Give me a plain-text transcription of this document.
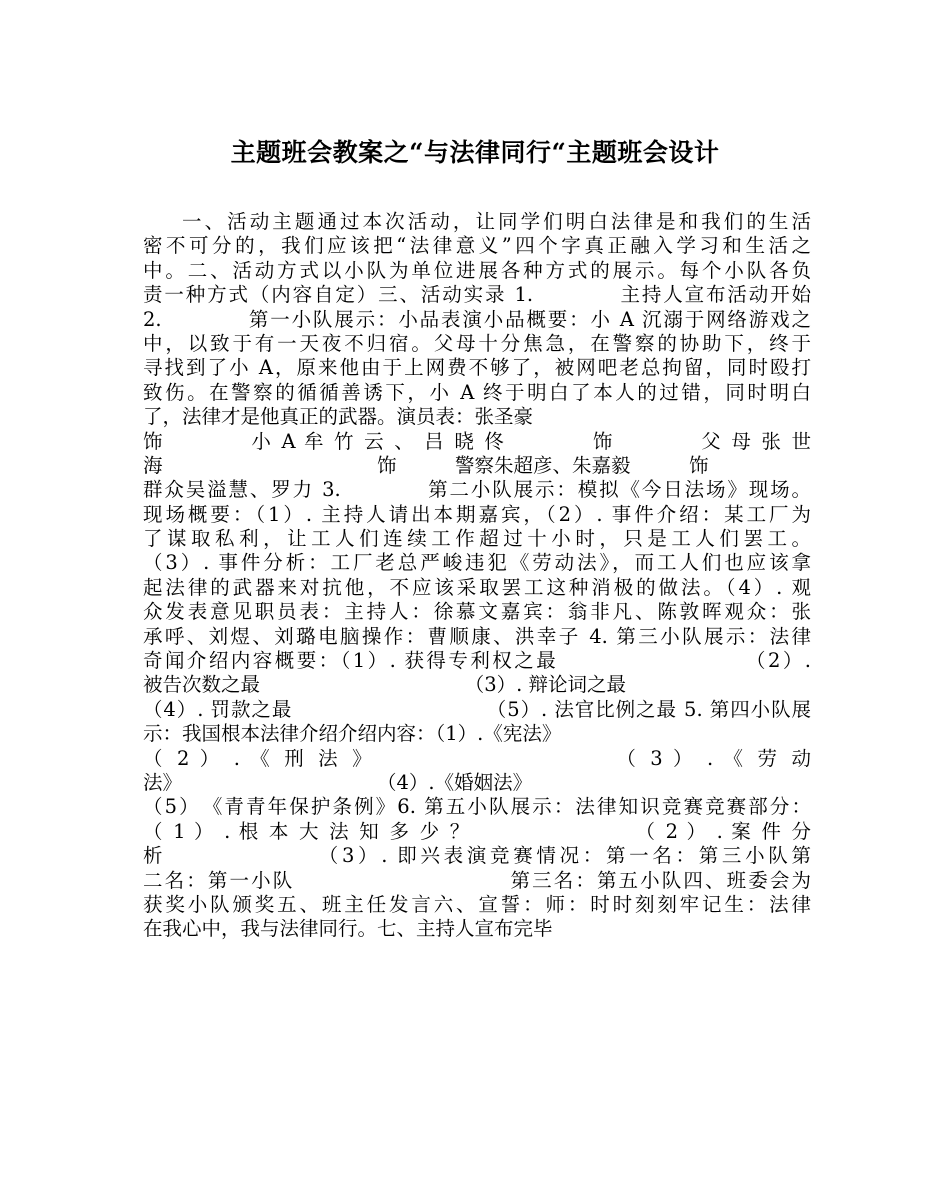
主题班会教案之“与法律同行“主题班会设计
一、活动主题通过本次活动，让同学们明白法律是和我们的生活
密不可分的，我们应该把“法律意义”四个字真正融入学习和生活之
中。二、活动方式以小队为单位进展各种方式的展示。每个小队各负
责一种方式（内容自定）三、活动实录 1.　　　　主持人宣布活动开始
2.　　　　第一小队展示：小品表演小品概要：小 A 沉溺于网络游戏之
中，以致于有一天夜不归宿。父母十分焦急，在警察的协助下，终于
寻找到了小 A，原来他由于上网费不够了，被网吧老总拘留，同时殴打
致伤。在警察的循循善诱下，小 A 终于明白了本人的过错，同时明白
了，法律才是他真正的武器。演员表：张圣豪
饰　　　　小 A 牟 竹 云 、 吕 晓 佟　　　　饰　　　　父 母 张 世
海　　　　　　　　　　　饰　　　警察朱超彦、朱嘉毅　　　饰
群众吴溢慧、罗力 3.　　　　第二小队展示：模拟《今日法场》现场。
现场概要：（1）. 主持人请出本期嘉宾，（2）. 事件介绍：某工厂为
了谋取私利，让工人们连续工作超过十小时，只是工人们罢工。
（3）. 事件分析：工厂老总严峻违犯《劳动法》，而工人们也应该拿
起法律的武器来对抗他，不应该采取罢工这种消极的做法。（4）. 观
众发表意见职员表：主持人：徐慕文嘉宾：翁非凡、陈敦晖观众：张
承呼、刘煜、刘璐电脑操作：曹顺康、洪幸子 4. 第三小队展示：法律
奇闻介绍内容概要：（1）. 获得专利权之最　　　　　　　　　（2）.
被告次数之最　　　　　　　　　　　（3）. 辩论词之最
（4）. 罚款之最　　　　　　　　　　（5）. 法官比例之最 5. 第四小队展
示：我国根本法律介绍介绍内容：（1）.《宪法》
（ 2 ） . 《 刑 法 》　　　　　　　　　　　（ 3 ） . 《 劳 动
法》　　　　　　　　　　　（4）.《婚姻法》
（5）　《青青年保护条例》6. 第五小队展示：法律知识竞赛竞赛部分：
（ 1 ） . 根 本 大 法 知 多 少 ？　　　　　　　　（ 2 ） . 案 件 分
析　　　　　　　（3）. 即兴表演竞赛情况：第一名：第三小队第
二名：第一小队　　　　　　　　　　第三名：第五小队四、班委会为
获奖小队颁奖五、班主任发言六、宣誓：师：时时刻刻牢记生：法律
在我心中，我与法律同行。七、主持人宣布完毕
